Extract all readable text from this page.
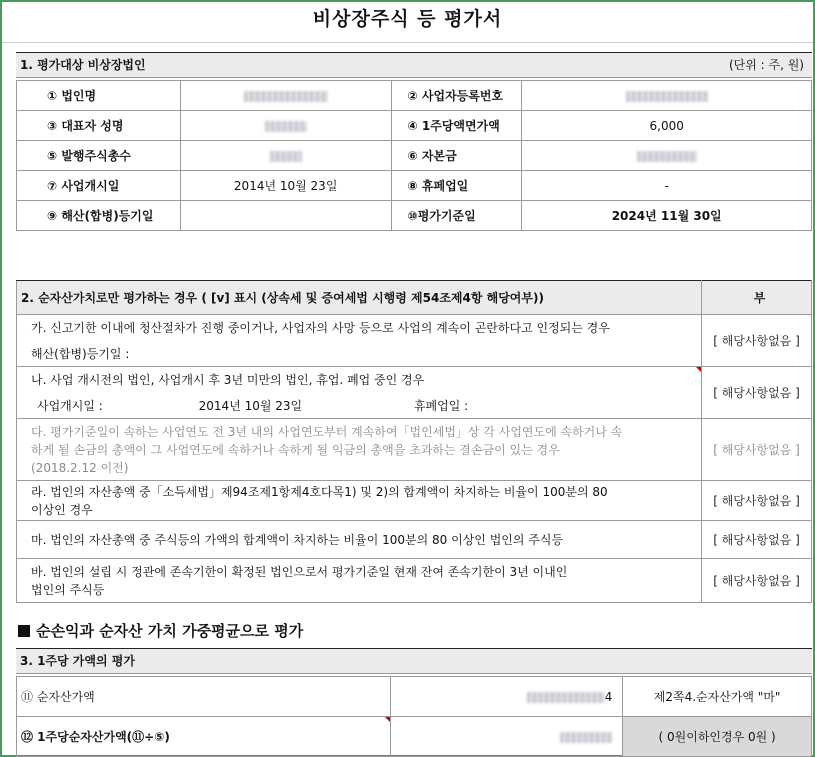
비상장주식 등 평가서
1. 평가대상 비상장법인	(단위 : 주, 원)
① 법인명		② 사업자등록번호	
③ 대표자 성명		④ 1주당액면가액	6,000
⑤ 발행주식총수		⑥ 자본금	
⑦ 사업개시일	2014년 10월 23일	⑧ 휴페업일	-
⑨ 해산(합병)등기일		⑩평가기준일	2024년 11월 30일
2. 순자산가치로만 평가하는 경우 ( [v] 표시 (상속세 및 증여세법 시행령 제54조제4항 해당여부))	부

가. 신고기한 이내에 청산절차가 진행 중이거나, 사업자의 사망 등으로 사업의 계속이 곤란하다고 인정되는 경우
해산(합병)등기일 :	[ 해당사항없음 ]

나. 사업 개시전의 법인, 사업개시 후 3년 미만의 법인, 휴업. 폐업 중인 경우
사업개시일 : 2014년 10월 23일 휴폐업일 :	[ 해당사항없음 ]

다. 평가기준일이 속하는 사업연도 전 3년 내의 사업연도부터 계속하여「법인세법」상 각 사업연도에 속하거나 속
하게 될 손금의 총액이 그 사업연도에 속하거나 속하게 될 익금의 총액을 초과하는 결손금이 있는 경우
(2018.2.12 이전)	[ 해당사항없음 ]

라. 법인의 자산총액 중「소득세법」제94조제1항제4호다목1) 및 2)의 합계액이 차지하는 비율이 100분의 80
이상인 경우	[ 해당사항없음 ]

마. 법인의 자산총액 중 주식등의 가액의 합계액이 차지하는 비율이 100분의 80 이상인 법인의 주식등	[ 해당사항없음 ]

바. 법인의 설립 시 정관에 존속기한이 확정된 법인으로서 평가기준일 현재 잔여 존속기한이 3년 이내인
법인의 주식등	[ 해당사항없음 ]
순손익과 순자산 가치 가중평균으로 평가
3. 1주당 가액의 평가
⑪ 순자산가액	4	제2쪽4.순자산가액 "마"
⑫ 1주당순자산가액(⑪÷⑤)		( 0원이하인경우 0원 )
